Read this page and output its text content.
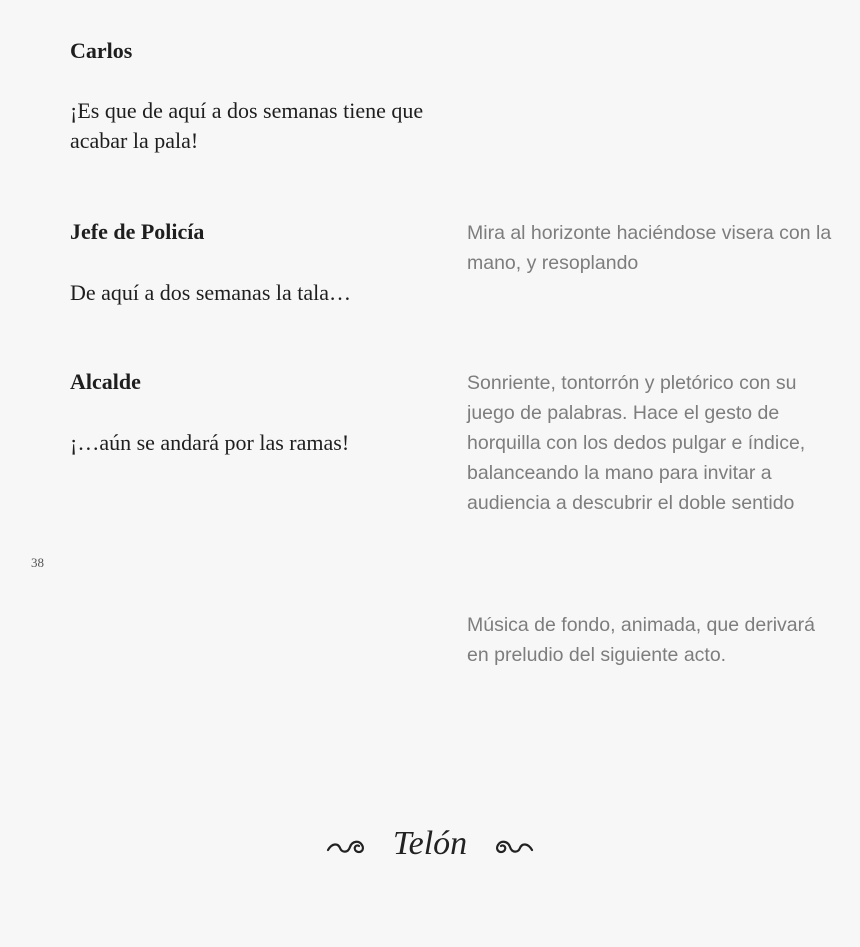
Carlos
¡Es que de aquí a dos semanas tiene que acabar la pala!
Jefe de Policía
De aquí a dos semanas la tala…
Mira al horizonte haciéndose visera con la mano, y resoplando
Alcalde
¡…aún se andará por las ramas!
Sonriente, tontorrón y pletórico con su juego de palabras. Hace el gesto de horquilla con los dedos pulgar e índice, balanceando la mano para invitar a audiencia a descubrir el doble sentido
38
Música de fondo, animada, que derivará en preludio del siguiente acto.
Telón
